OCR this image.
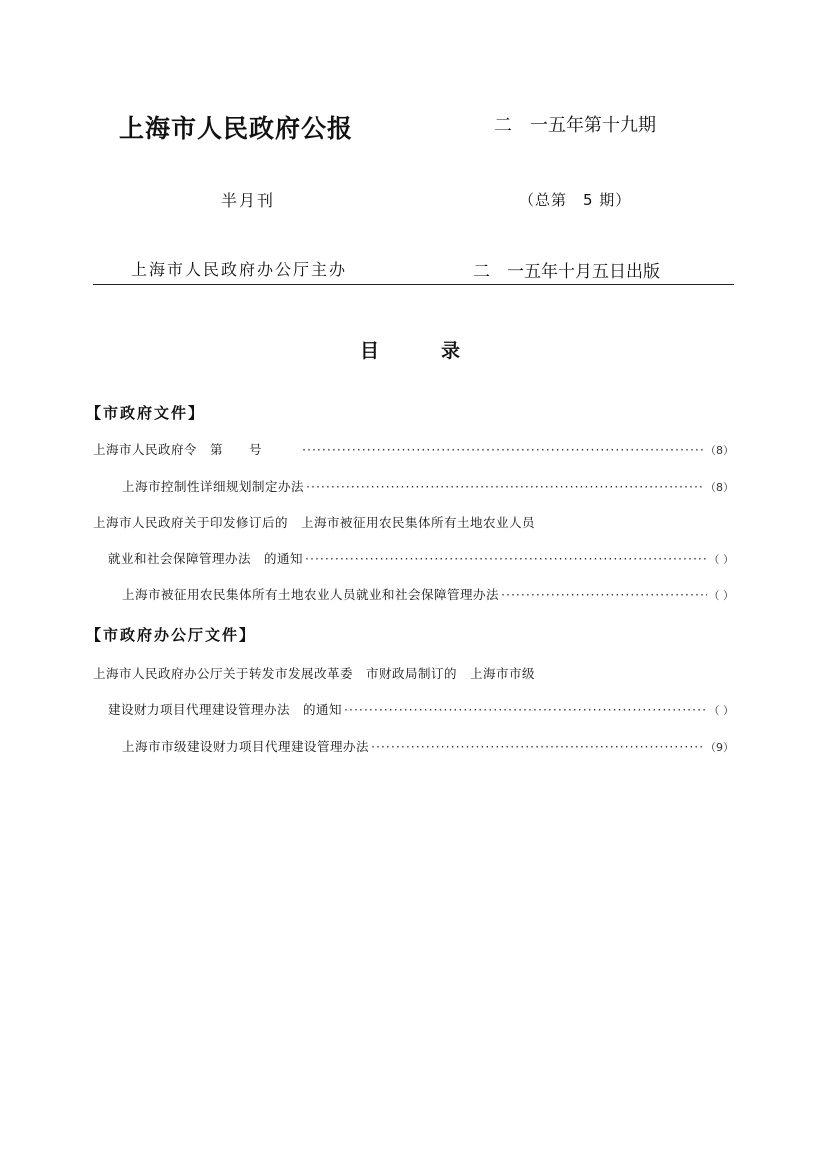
上海市人民政府公报	二　一五年第十九期
半月刊	（总第　5 期）
上海市人民政府办公厅主办	二　一五年十月五日出版
目录
【市政府文件】
上海市人民政府令　第　　号 ·····	（8）
上海市控制性详细规划制定办法 ·····	（8）
上海市人民政府关于印发修订后的　上海市被征用农民集体所有土地农业人员
就业和社会保障管理办法　的通知 ·····	（ ）
上海市被征用农民集体所有土地农业人员就业和社会保障管理办法 ·····	（ ）
【市政府办公厅文件】
上海市人民政府办公厅关于转发市发展改革委　市财政局制订的　上海市市级
建设财力项目代理建设管理办法　的通知 ·····	（ ）
上海市市级建设财力项目代理建设管理办法 ·····	（9）
